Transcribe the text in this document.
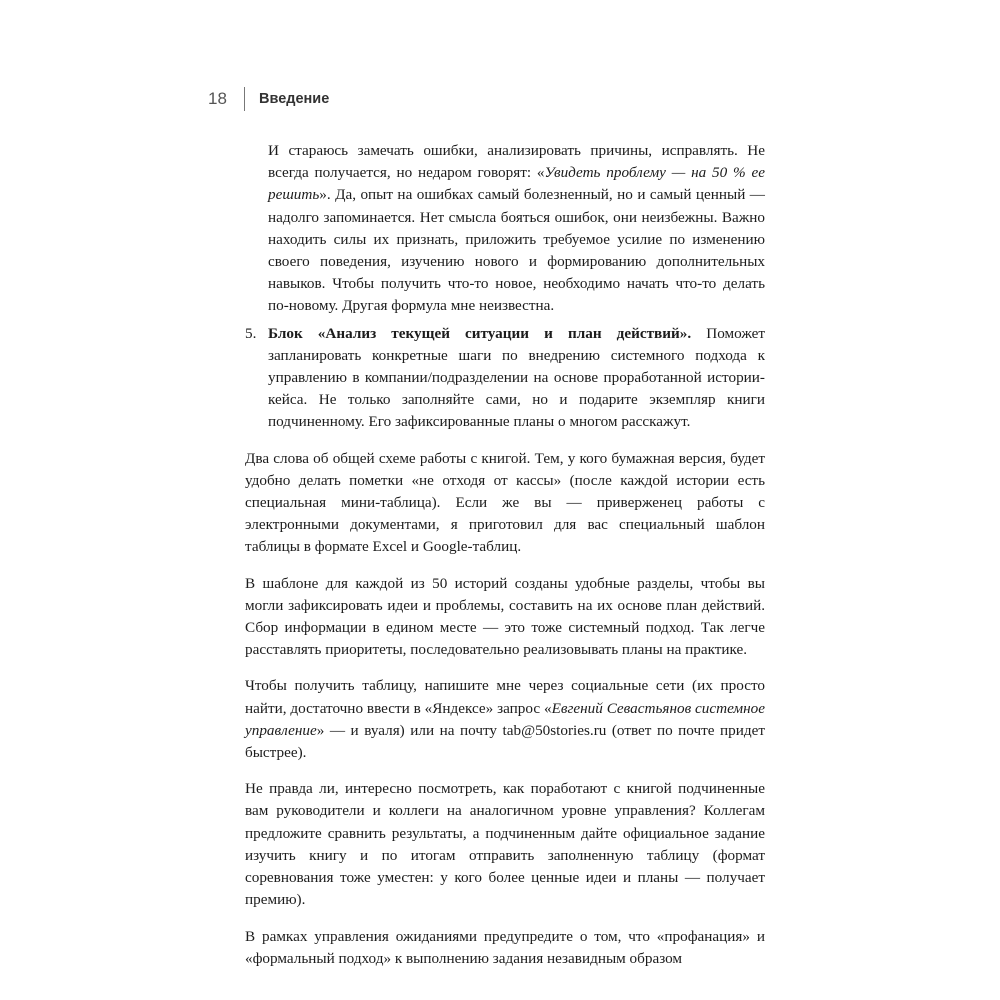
18	Введение

И стараюсь замечать ошибки, анализировать причины, исправлять. Не всегда получается, но недаром говорят: «Увидеть проблему — на 50 % ее решить». Да, опыт на ошибках самый болезненный, но и самый ценный — надолго запоминается. Нет смысла бояться ошибок, они неизбежны. Важно находить силы их признать, приложить требуемое усилие по изменению своего поведения, изучению нового и формированию дополнительных навыков. Чтобы получить что-то новое, необходимо начать что-то делать по-новому. Другая формула мне неизвестна.

5. Блок «Анализ текущей ситуации и план действий». Поможет запланировать конкретные шаги по внедрению системного подхода к управлению в компании/подразделении на основе проработанной истории-кейса. Не только заполняйте сами, но и подарите экземпляр книги подчиненному. Его зафиксированные планы о многом расскажут.

Два слова об общей схеме работы с книгой. Тем, у кого бумажная версия, будет удобно делать пометки «не отходя от кассы» (после каждой истории есть специальная мини-таблица). Если же вы — приверженец работы с электронными документами, я приготовил для вас специальный шаблон таблицы в формате Excel и Google-таблиц.

В шаблоне для каждой из 50 историй созданы удобные разделы, чтобы вы могли зафиксировать идеи и проблемы, составить на их основе план действий. Сбор информации в едином месте — это тоже системный подход. Так легче расставлять приоритеты, последовательно реализовывать планы на практике.

Чтобы получить таблицу, напишите мне через социальные сети (их просто найти, достаточно ввести в «Яндексе» запрос «Евгений Севастьянов системное управление» — и вуаля) или на почту tab@50stories.ru (ответ по почте придет быстрее).

Не правда ли, интересно посмотреть, как поработают с книгой подчиненные вам руководители и коллеги на аналогичном уровне управления? Коллегам предложите сравнить результаты, а подчиненным дайте официальное задание изучить книгу и по итогам отправить заполненную таблицу (формат соревнования тоже уместен: у кого более ценные идеи и планы — получает премию).

В рамках управления ожиданиями предупредите о том, что «профанация» и «формальный подход» к выполнению задания незавидным образом
